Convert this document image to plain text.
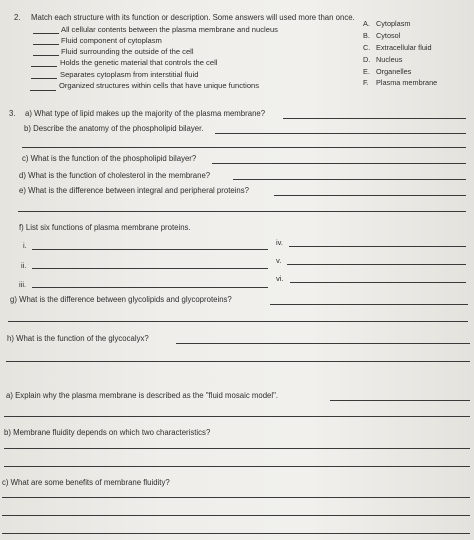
2. Match each structure with its function or description. Some answers will used more than once.
All cellular contents between the plasma membrane and nucleus
Fluid component of cytoplasm
Fluid surrounding the outside of the cell
Holds the genetic material that controls the cell
Separates cytoplasm from interstitial fluid
Organized structures within cells that have unique functions
A. Cytoplasm
B. Cytosol
C. Extracellular fluid
D. Nucleus
E. Organelles
F. Plasma membrane
3. a) What type of lipid makes up the majority of the plasma membrane?
b) Describe the anatomy of the phospholipid bilayer.
c) What is the function of the phospholipid bilayer?
d) What is the function of cholesterol in the membrane?
e) What is the difference between integral and peripheral proteins?
f) List six functions of plasma membrane proteins.
i.	iv.
ii.
v.
iii.
vi.
g) What is the difference between glycolipids and glycoproteins?
h) What is the function of the glycocalyx?
a) Explain why the plasma membrane is described as the "fluid mosaic model".
b) Membrane fluidity depends on which two characteristics?
c) What are some benefits of membrane fluidity?
